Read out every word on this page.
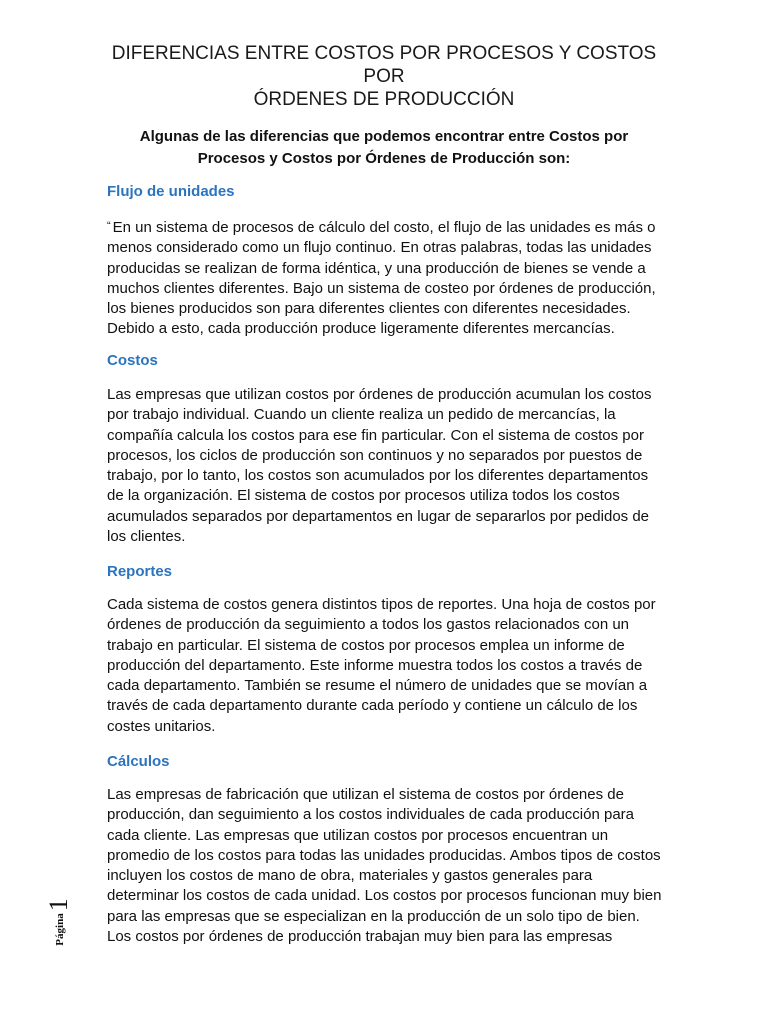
DIFERENCIAS ENTRE COSTOS POR PROCESOS Y COSTOS POR
ÓRDENES DE PRODUCCIÓN

Algunas de las diferencias que podemos encontrar entre Costos por
Procesos y Costos por Órdenes de Producción son:

Flujo de unidades

“ En un sistema de procesos de cálculo del costo, el flujo de las unidades es más o menos considerado como un flujo continuo. En otras palabras, todas las unidades producidas se realizan de forma idéntica, y una producción de bienes se vende a muchos clientes diferentes. Bajo un sistema de costeo por órdenes de producción, los bienes producidos son para diferentes clientes con diferentes necesidades. Debido a esto, cada producción produce ligeramente diferentes mercancías.

Costos

Las empresas que utilizan costos por órdenes de producción acumulan los costos por trabajo individual. Cuando un cliente realiza un pedido de mercancías, la compañía calcula los costos para ese fin particular. Con el sistema de costos por procesos, los ciclos de producción son continuos y no separados por puestos de trabajo, por lo tanto, los costos son acumulados por los diferentes departamentos de la organización. El sistema de costos por procesos utiliza todos los costos acumulados separados por departamentos en lugar de separarlos por pedidos de los clientes.

Reportes

Cada sistema de costos genera distintos tipos de reportes. Una hoja de costos por órdenes de producción da seguimiento a todos los gastos relacionados con un trabajo en particular. El sistema de costos por procesos emplea un informe de producción del departamento. Este informe muestra todos los costos a través de cada departamento. También se resume el número de unidades que se movían a través de cada departamento durante cada período y contiene un cálculo de los costes unitarios.

Cálculos

Las empresas de fabricación que utilizan el sistema de costos por órdenes de producción, dan seguimiento a los costos individuales de cada producción para cada cliente. Las empresas que utilizan costos por procesos encuentran un promedio de los costos para todas las unidades producidas. Ambos tipos de costos incluyen los costos de mano de obra, materiales y gastos generales para determinar los costos de cada unidad. Los costos por procesos funcionan muy bien para las empresas que se especializan en la producción de un solo tipo de bien. Los costos por órdenes de producción trabajan muy bien para las empresas

$^{Página}$1
